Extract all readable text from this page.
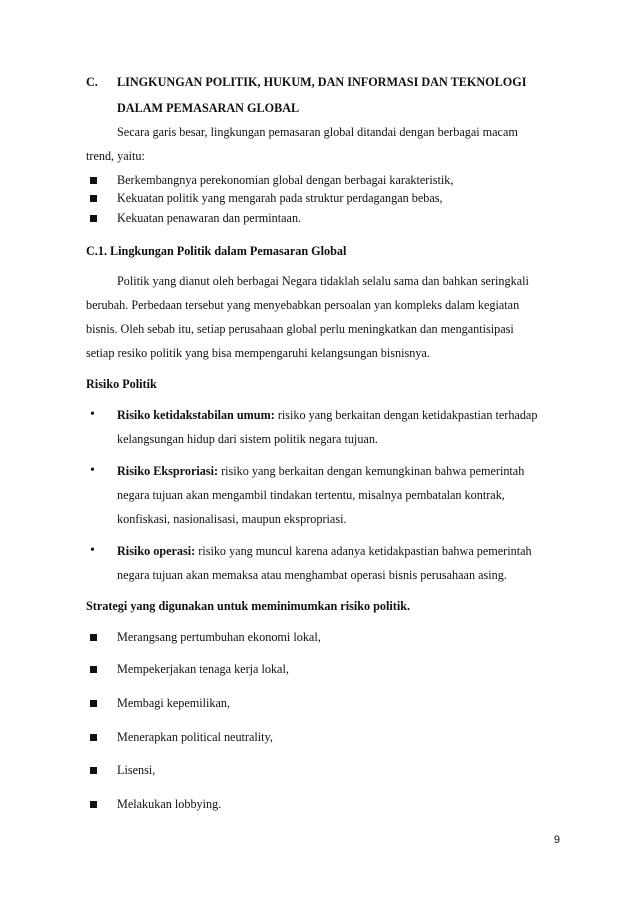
C. LINGKUNGAN POLITIK, HUKUM, DAN INFORMASI DAN TEKNOLOGI
DALAM PEMASARAN GLOBAL
Secara garis besar, lingkungan pemasaran global ditandai dengan berbagai macam
trend, yaitu:
Berkembangnya perekonomian global dengan berbagai karakteristik,
Kekuatan politik yang mengarah pada struktur perdagangan bebas,
Kekuatan penawaran dan permintaan.
C.1. Lingkungan Politik dalam Pemasaran Global
Politik yang dianut oleh berbagai Negara tidaklah selalu sama dan bahkan seringkali
berubah. Perbedaan tersebut yang menyebabkan persoalan yan kompleks dalam kegiatan
bisnis. Oleh sebab itu, setiap perusahaan global perlu meningkatkan dan mengantisipasi
setiap resiko politik yang bisa mempengaruhi kelangsungan bisnisnya.
Risiko Politik
• Risiko ketidakstabilan umum: risiko yang berkaitan dengan ketidakpastian terhadap
kelangsungan hidup dari sistem politik negara tujuan.
• Risiko Eksproriasi: risiko yang berkaitan dengan kemungkinan bahwa pemerintah
negara tujuan akan mengambil tindakan tertentu, misalnya pembatalan kontrak,
konfiskasi, nasionalisasi, maupun ekspropriasi.
• Risiko operasi: risiko yang muncul karena adanya ketidakpastian bahwa pemerintah
negara tujuan akan memaksa atau menghambat operasi bisnis perusahaan asing.
Strategi yang digunakan untuk meminimumkan risiko politik.
Merangsang pertumbuhan ekonomi lokal,
Mempekerjakan tenaga kerja lokal,
Membagi kepemilikan,
Menerapkan political neutrality,
Lisensi,
Melakukan lobbying.
9
